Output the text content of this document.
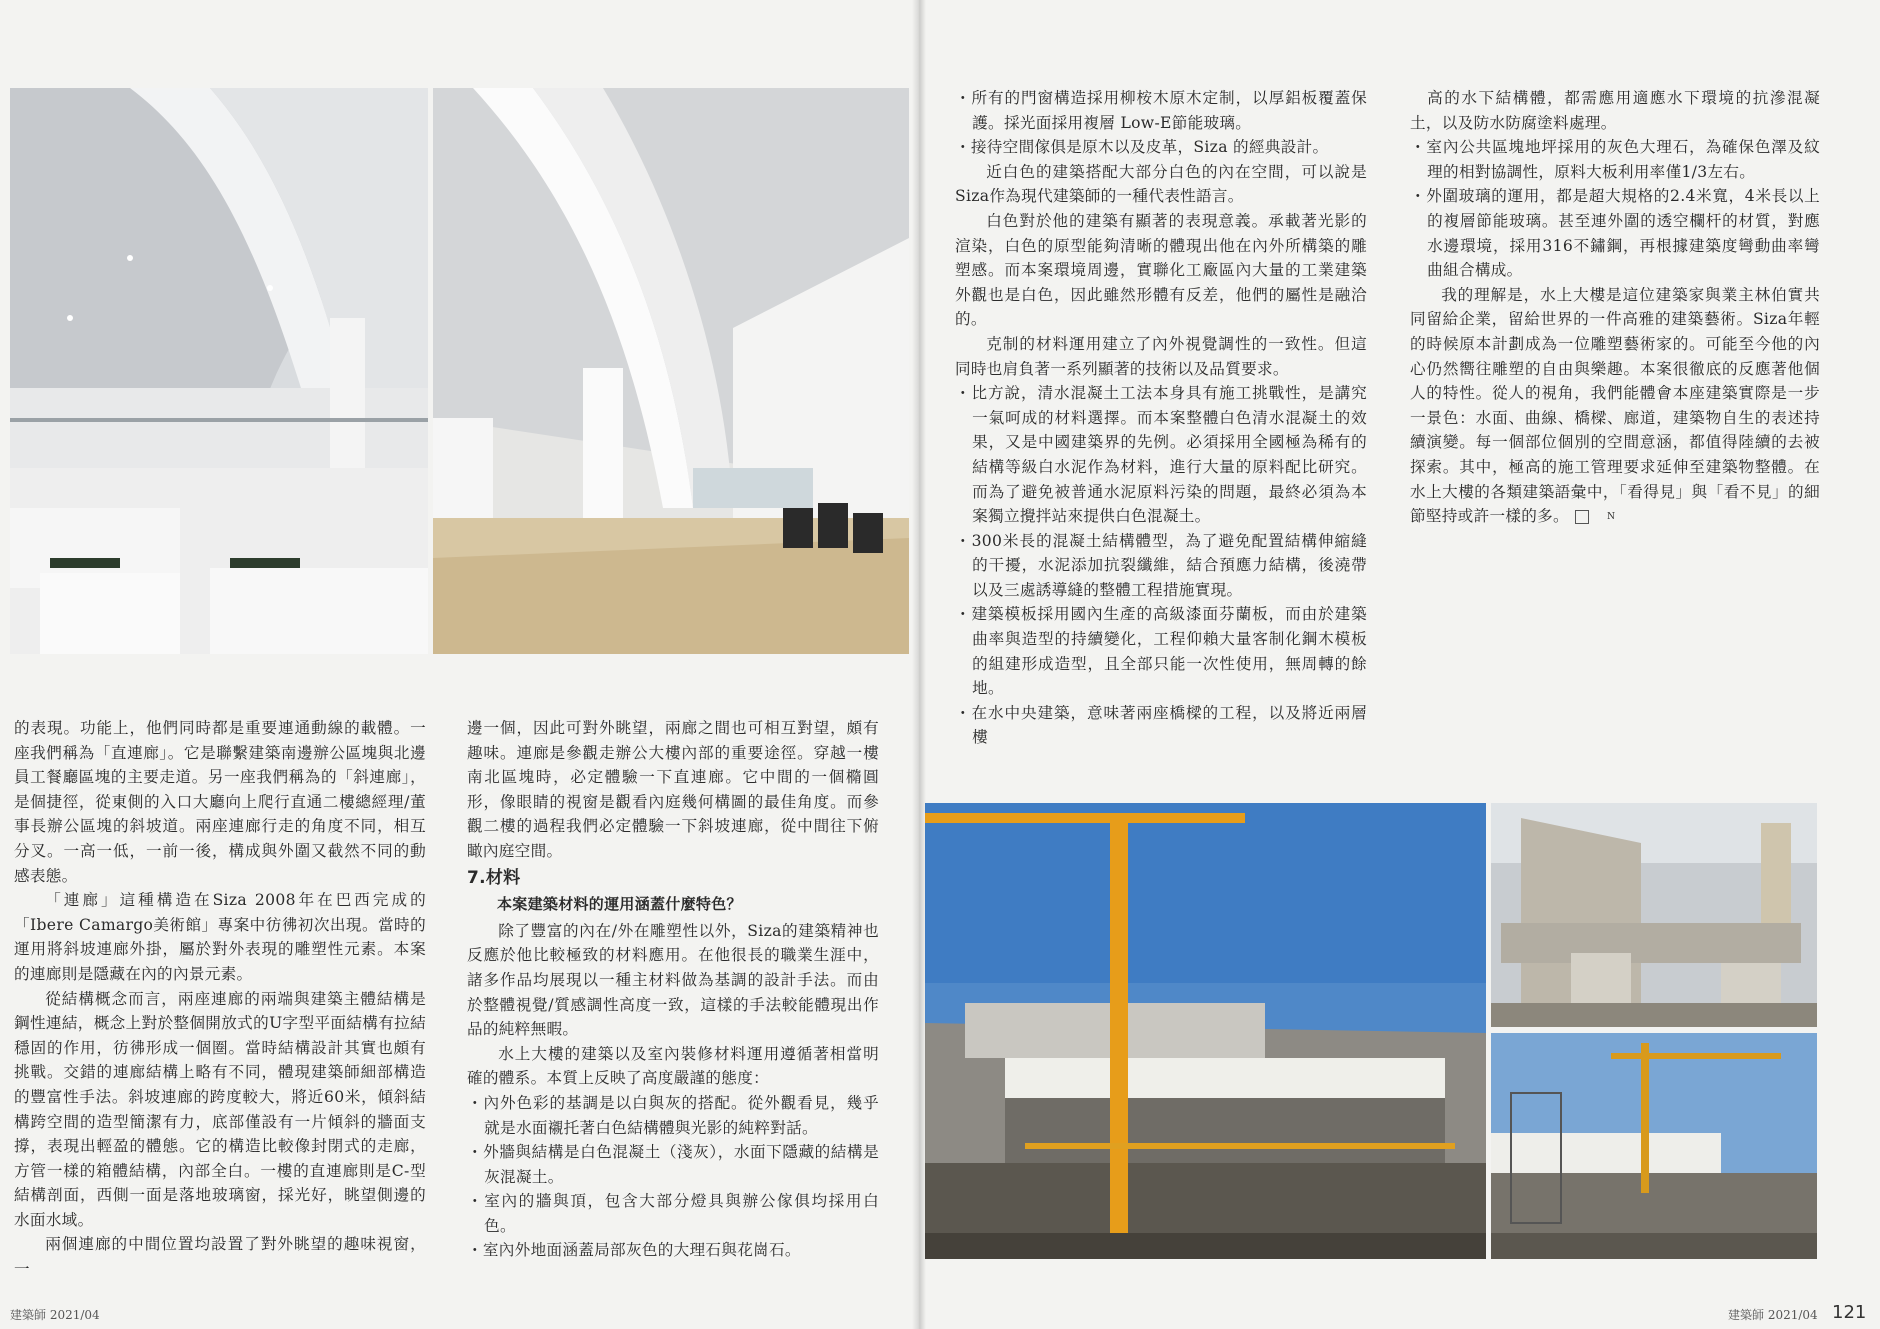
的表現。功能上，他們同時都是重要連通動線的載體。一座我們稱為「直連廊」。它是聯繫建築南邊辦公區塊與北邊員工餐廳區塊的主要走道。另一座我們稱為的「斜連廊」，是個捷徑，從東側的入口大廳向上爬行直通二樓總經理/董事長辦公區塊的斜坡道。兩座連廊行走的角度不同，相互分叉。一高一低，一前一後，構成與外圍又截然不同的動感表態。

「連廊」這種構造在Siza 2008年在巴西完成的「Ibere Camargo美術館」專案中彷彿初次出現。當時的運用將斜坡連廊外掛，屬於對外表現的雕塑性元素。本案的連廊則是隱藏在內的內景元素。

從結構概念而言，兩座連廊的兩端與建築主體結構是鋼性連結，概念上對於整個開放式的U字型平面結構有拉結穩固的作用，彷彿形成一個圈。當時結構設計其實也頗有挑戰。交錯的連廊結構上略有不同，體現建築師細部構造的豐富性手法。斜坡連廊的跨度較大，將近60米，傾斜結構跨空間的造型簡潔有力，底部僅設有一片傾斜的牆面支撐，表現出輕盈的體態。它的構造比較像封閉式的走廊，方管一樣的箱體結構，內部全白。一樓的直連廊則是C-型結構剖面，西側一面是落地玻璃窗，採光好，眺望側邊的水面水域。

兩個連廊的中間位置均設置了對外眺望的趣味視窗，一

邊一個，因此可對外眺望，兩廊之間也可相互對望，頗有趣味。連廊是參觀走辦公大樓內部的重要途徑。穿越一樓南北區塊時，必定體驗一下直連廊。它中間的一個橢圓形，像眼睛的視窗是觀看內庭幾何構圖的最佳角度。而參觀二樓的過程我們必定體驗一下斜坡連廊，從中間往下俯瞰內庭空間。

7.材料
本案建築材料的運用涵蓋什麼特色？

除了豐富的內在/外在雕塑性以外，Siza的建築精神也反應於他比較極致的材料應用。在他很長的職業生涯中，諸多作品均展現以一種主材料做為基調的設計手法。而由於整體視覺/質感調性高度一致，這樣的手法較能體現出作品的純粹無暇。

水上大樓的建築以及室內裝修材料運用遵循著相當明確的體系。本質上反映了高度嚴謹的態度：

・內外色彩的基調是以白與灰的搭配。從外觀看見，幾乎就是水面襯托著白色結構體與光影的純粹對話。

・外牆與結構是白色混凝土（淺灰），水面下隱藏的結構是灰混凝土。

・室內的牆與頂，包含大部分燈具與辦公傢俱均採用白色。

・室內外地面涵蓋局部灰色的大理石與花崗石。

・所有的門窗構造採用柳桉木原木定制，以厚鋁板覆蓋保護。採光面採用複層 Low-E節能玻璃。

・接待空間傢俱是原木以及皮革，Siza 的經典設計。

近白色的建築搭配大部分白色的內在空間，可以說是Siza作為現代建築師的一種代表性語言。

白色對於他的建築有顯著的表現意義。承載著光影的渲染，白色的原型能夠清晰的體現出他在內外所構築的雕塑感。而本案環境周邊，實聯化工廠區內大量的工業建築外觀也是白色，因此雖然形體有反差，他們的屬性是融洽的。

克制的材料運用建立了內外視覺調性的一致性。但這同時也肩負著一系列顯著的技術以及品質要求。

・比方說，清水混凝土工法本身具有施工挑戰性，是講究一氣呵成的材料選擇。而本案整體白色清水混凝土的效果，又是中國建築界的先例。必須採用全國極為稀有的結構等級白水泥作為材料，進行大量的原料配比研究。而為了避免被普通水泥原料污染的問題，最終必須為本案獨立攪拌站來提供白色混凝土。

・300米長的混凝土結構體型，為了避免配置結構伸縮縫的干擾，水泥添加抗裂纖維，結合預應力結構，後澆帶以及三處誘導縫的整體工程措施實現。

・建築模板採用國內生產的高級漆面芬蘭板，而由於建築曲率與造型的持續變化，工程仰賴大量客制化鋼木模板的組建形成造型，且全部只能一次性使用，無周轉的餘地。

・在水中央建築，意味著兩座橋樑的工程，以及將近兩層樓

　高的水下結構體，都需應用適應水下環境的抗滲混凝土，以及防水防腐塗料處理。

・室內公共區塊地坪採用的灰色大理石，為確保色澤及紋理的相對協調性，原料大板利用率僅1/3左右。

・外圍玻璃的運用，都是超大規格的2.4米寬，4米長以上的複層節能玻璃。甚至連外圍的透空欄杆的材質，對應水邊環境，採用316不鏽鋼，再根據建築度彎動曲率彎曲組合構成。

我的理解是，水上大樓是這位建築家與業主林伯實共同留給企業，留給世界的一件高雅的建築藝術。Siza年輕的時候原本計劃成為一位雕塑藝術家的。可能至今他的內心仍然嚮往雕塑的自由與樂趣。本案很徹底的反應著他個人的特性。從人的視角，我們能體會本座建築實際是一步一景色：水面、曲線、橋樑、廊道，建築物自生的表述持續演變。每一個部位個別的空間意涵，都值得陸續的去被探索。其中，極高的施工管理要求延伸至建築物整體。在水上大樓的各類建築語彙中，「看得見」與「看不見」的細節堅持或許一樣的多。	N

建築師 2021/04	建築師 2021/04 121
